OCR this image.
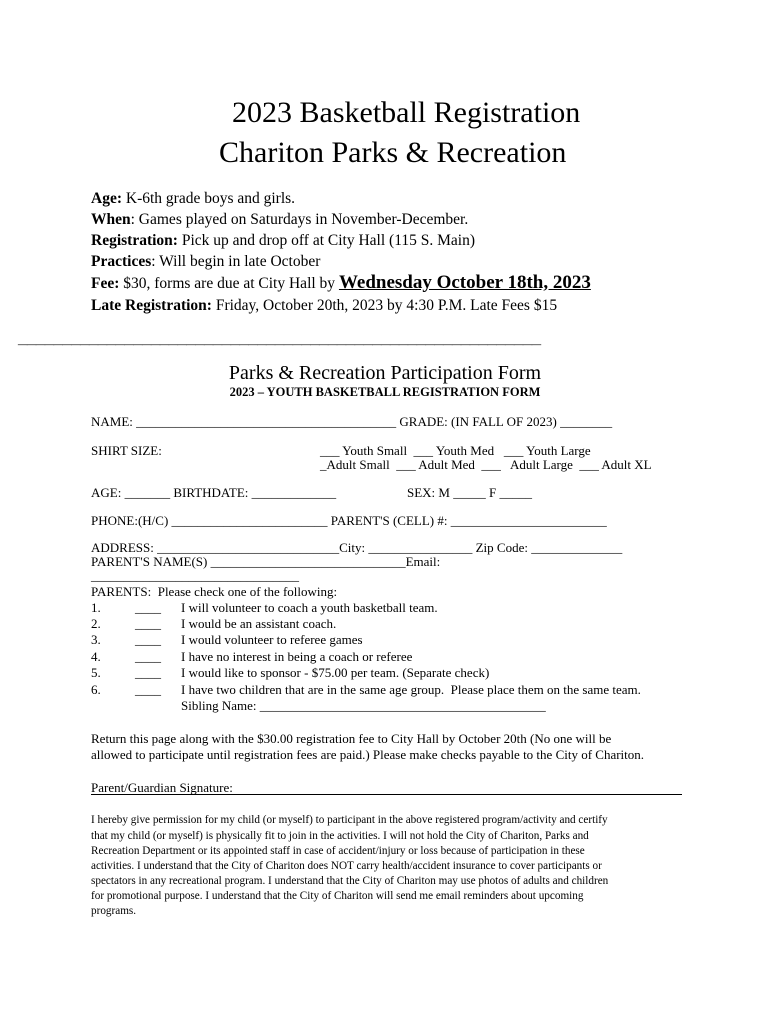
2023 Basketball Registration
Chariton Parks & Recreation
Age: K-6th grade boys and girls.
When: Games played on Saturdays in November-December.
Registration: Pick up and drop off at City Hall (115 S. Main)
Practices: Will begin in late October
Fee: $30, forms are due at City Hall by Wednesday October 18th, 2023
Late Registration: Friday, October 20th, 2023 by 4:30 P.M. Late Fees $15
___________________________________________________________
Parks & Recreation Participation Form
2023 – YOUTH BASKETBALL REGISTRATION FORM
NAME: ________________________________________ GRADE: (IN FALL OF 2023) ________
SHIRT SIZE:	___ Youth Small  ___ Youth Med   ___ Youth Large
_Adult Small  ___ Adult Med  ___   Adult Large  ___ Adult XL
AGE: _______ BIRTHDATE: _____________	SEX: M _____ F _____
PHONE:(H/C) ________________________ PARENT'S (CELL) #: ________________________
ADDRESS: ____________________________City: ________________ Zip Code: ______________
PARENT'S NAME(S) ______________________________Email:
________________________________
PARENTS:  Please check one of the following:
1.	____ I will volunteer to coach a youth basketball team.
2.	____ I would be an assistant coach.
3.	____ I would volunteer to referee games
4.	____ I have no interest in being a coach or referee
5.	____ I would like to sponsor - $75.00 per team. (Separate check)
6.	____ I have two children that are in the same age group.  Please place them on the same team.
Sibling Name: ____________________________________________
Return this page along with the $30.00 registration fee to City Hall by October 20th (No one will be
allowed to participate until registration fees are paid.) Please make checks payable to the City of Chariton.
Parent/Guardian Signature:
I hereby give permission for my child (or myself) to participant in the above registered program/activity and certify
that my child (or myself) is physically fit to join in the activities. I will not hold the City of Chariton, Parks and
Recreation Department or its appointed staff in case of accident/injury or loss because of participation in these
activities. I understand that the City of Chariton does NOT carry health/accident insurance to cover participants or
spectators in any recreational program. I understand that the City of Chariton may use photos of adults and children
for promotional purpose. I understand that the City of Chariton will send me email reminders about upcoming
programs.
